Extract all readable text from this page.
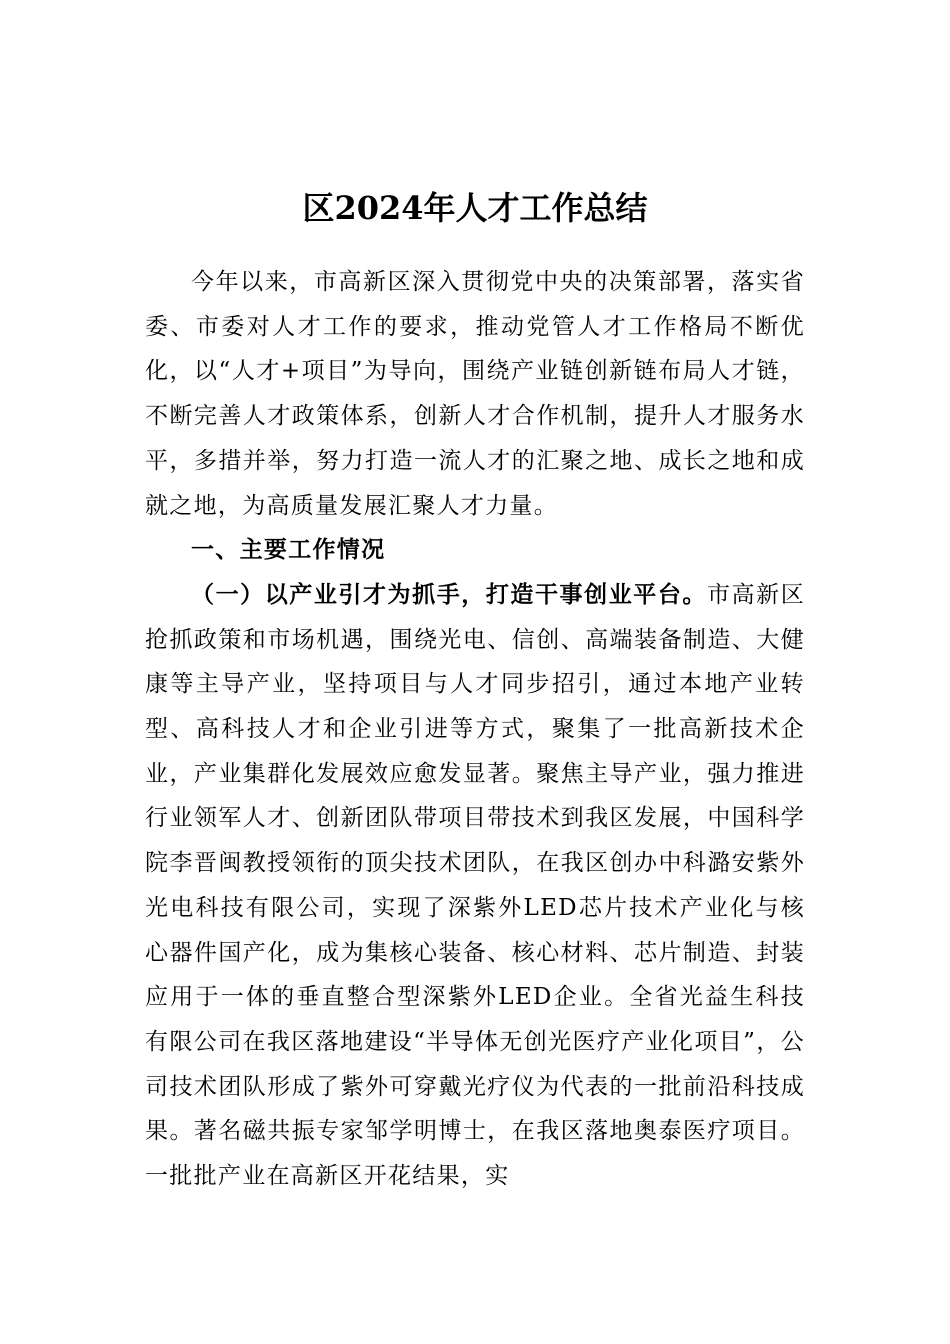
区2024年人才工作总结

今年以来，市高新区深入贯彻党中央的决策部署，落实省委、市委对人才工作的要求，推动党管人才工作格局不断优化，以“人才+项目”为导向，围绕产业链创新链布局人才链，不断完善人才政策体系，创新人才合作机制，提升人才服务水平，多措并举，努力打造一流人才的汇聚之地、成长之地和成就之地，为高质量发展汇聚人才力量。

一、主要工作情况

（一）以产业引才为抓手，打造干事创业平台。市高新区抢抓政策和市场机遇，围绕光电、信创、高端装备制造、大健康等主导产业，坚持项目与人才同步招引，通过本地产业转型、高科技人才和企业引进等方式，聚集了一批高新技术企业，产业集群化发展效应愈发显著。聚焦主导产业，强力推进行业领军人才、创新团队带项目带技术到我区发展，中国科学院李晋闽教授领衔的顶尖技术团队，在我区创办中科潞安紫外光电科技有限公司，实现了深紫外LED芯片技术产业化与核心器件国产化，成为集核心装备、核心材料、芯片制造、封装应用于一体的垂直整合型深紫外LED企业。全省光益生科技有限公司在我区落地建设“半导体无创光医疗产业化项目”，公司技术团队形成了紫外可穿戴光疗仪为代表的一批前沿科技成果。著名磁共振专家邹学明博士，在我区落地奥泰医疗项目。一批批产业在高新区开花结果，实
